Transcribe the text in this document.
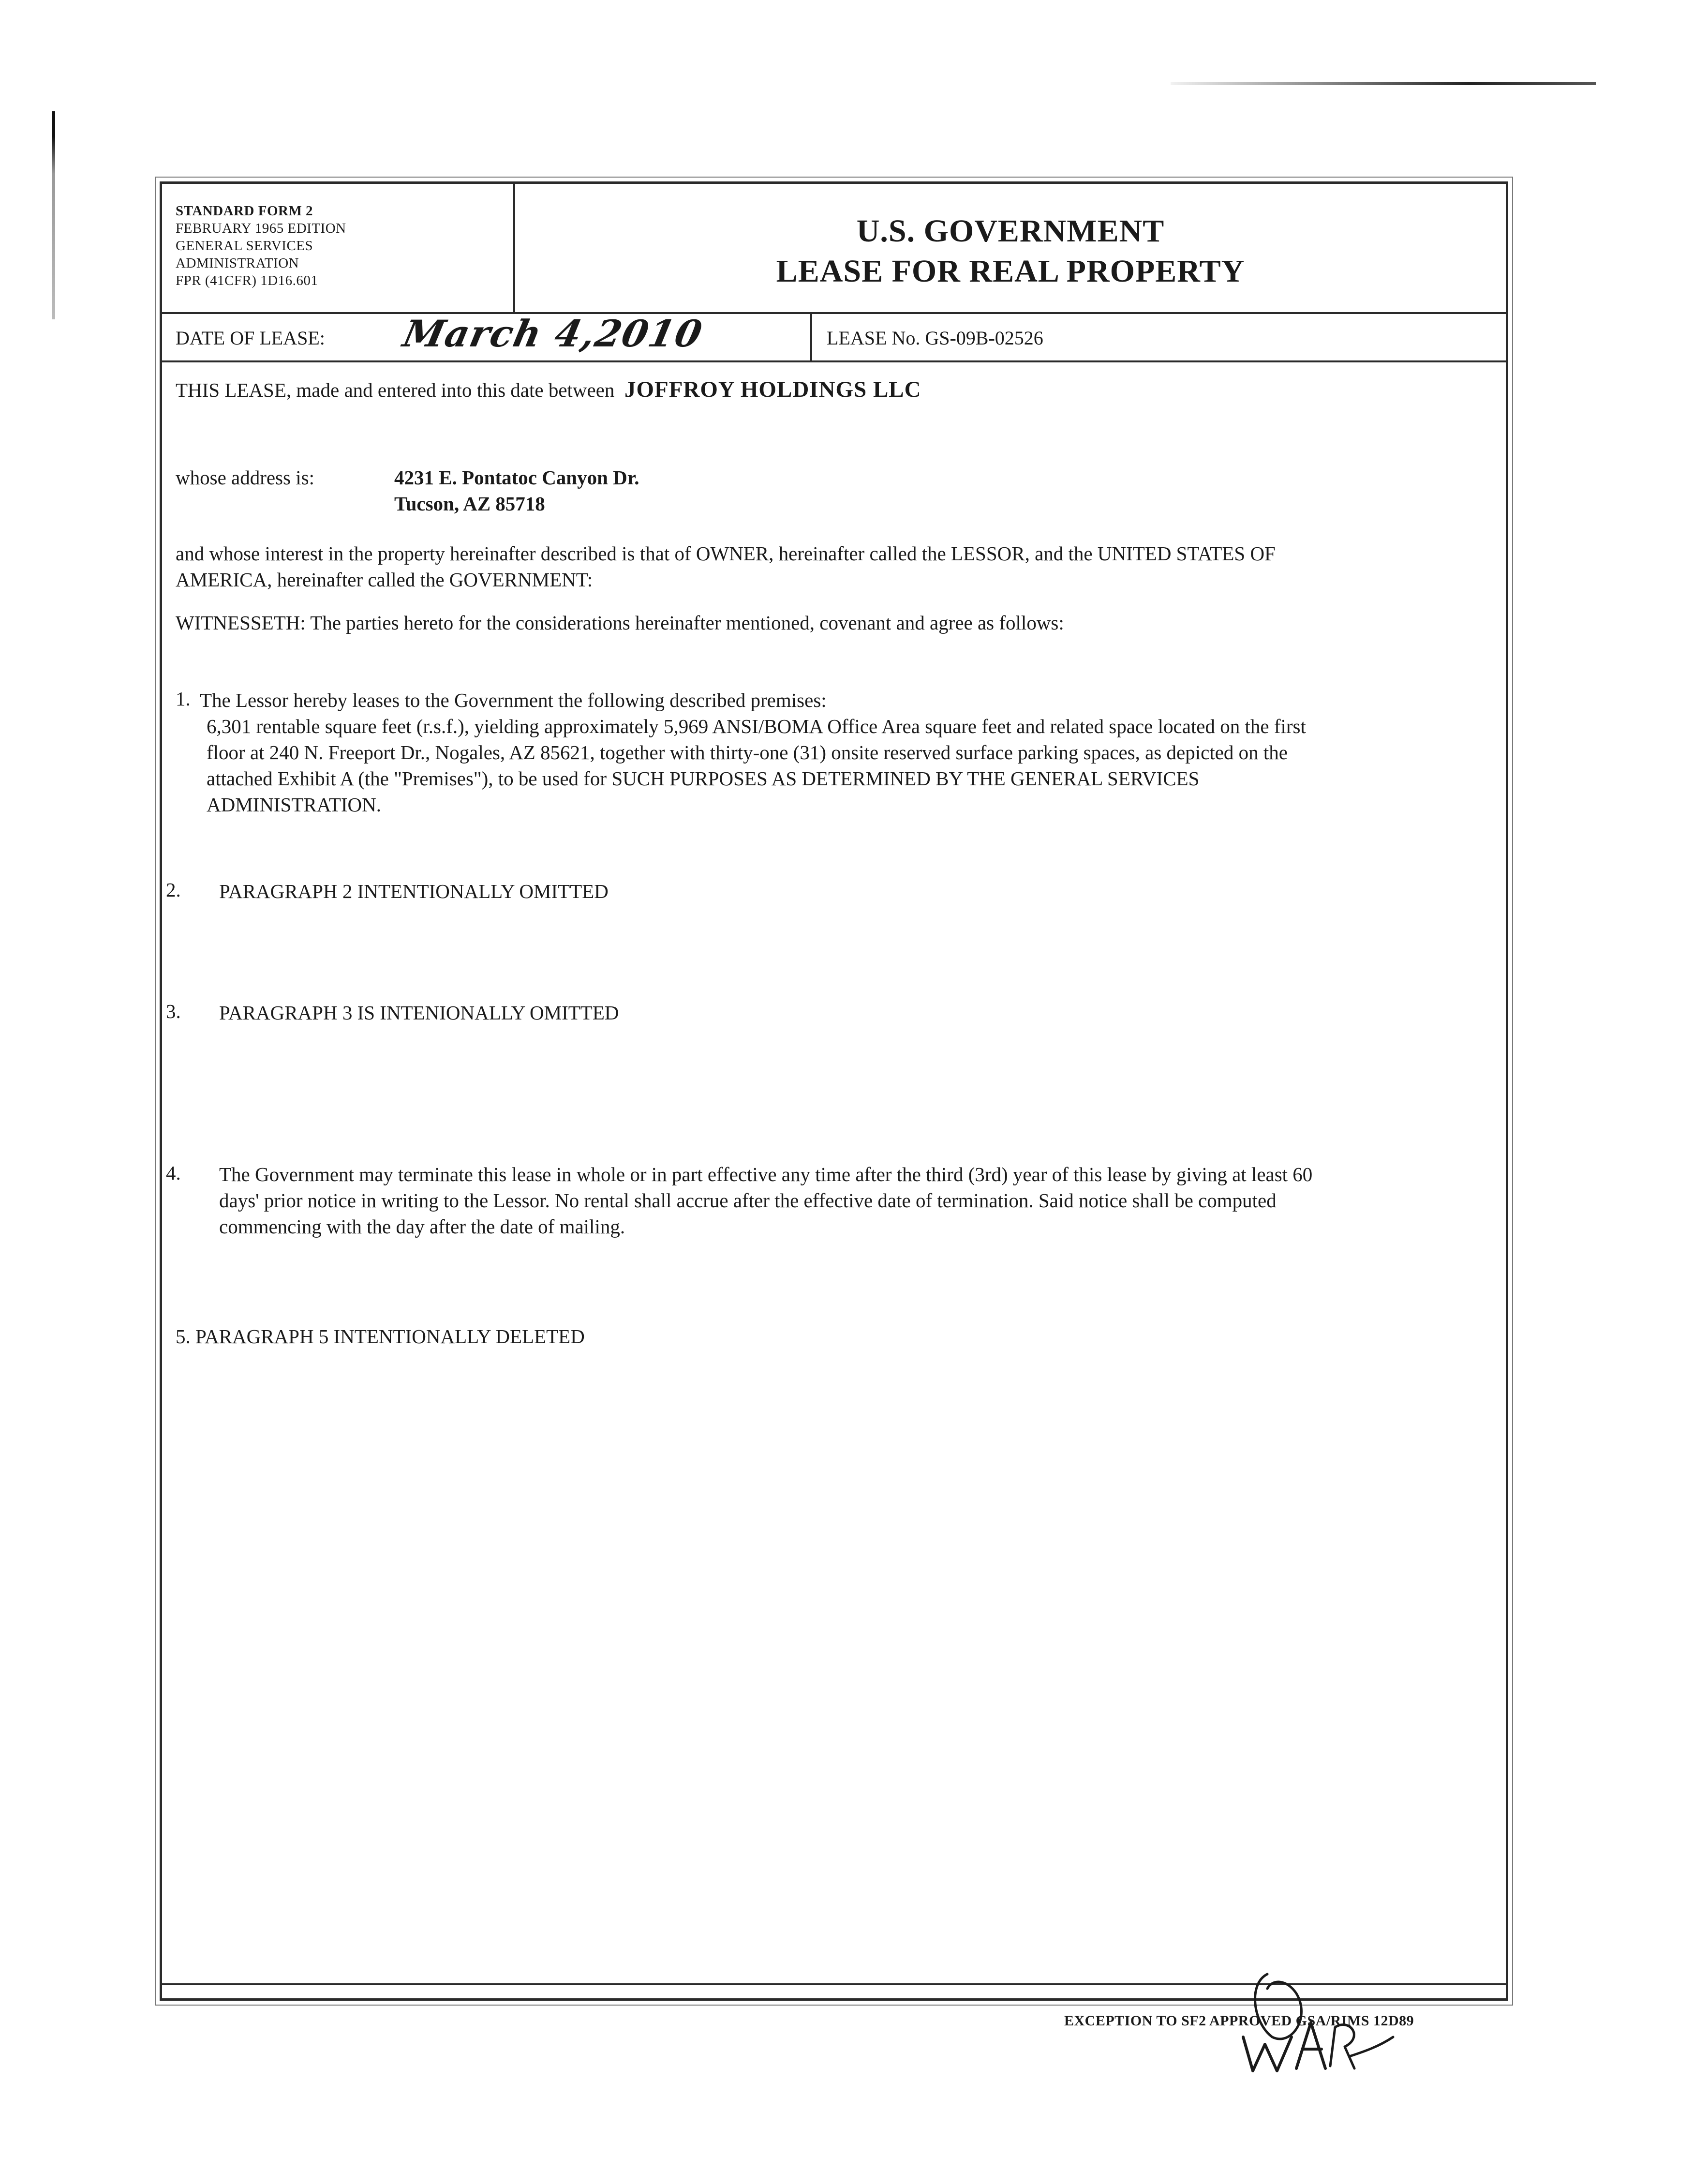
STANDARD FORM 2
FEBRUARY 1965 EDITION
GENERAL SERVICES
ADMINISTRATION
FPR (41CFR) 1D16.601
U.S. GOVERNMENT
LEASE FOR REAL PROPERTY
DATE OF LEASE: March 4,2010	LEASE No. GS-09B-02526
THIS LEASE, made and entered into this date between JOFFROY HOLDINGS LLC
whose address is:	4231 E. Pontatoc Canyon Dr.
Tucson, AZ 85718
and whose interest in the property hereinafter described is that of OWNER, hereinafter called the LESSOR, and the UNITED STATES OF
AMERICA, hereinafter called the GOVERNMENT:
WITNESSETH: The parties hereto for the considerations hereinafter mentioned, covenant and agree as follows:
1. The Lessor hereby leases to the Government the following described premises:
6,301 rentable square feet (r.s.f.), yielding approximately 5,969 ANSI/BOMA Office Area square feet and related space located on the first
floor at 240 N. Freeport Dr., Nogales, AZ 85621, together with thirty-one (31) onsite reserved surface parking spaces, as depicted on the
attached Exhibit A (the "Premises"), to be used for SUCH PURPOSES AS DETERMINED BY THE GENERAL SERVICES
ADMINISTRATION.
2. PARAGRAPH 2 INTENTIONALLY OMITTED
3. PARAGRAPH 3 IS INTENIONALLY OMITTED
4. The Government may terminate this lease in whole or in part effective any time after the third (3rd) year of this lease by giving at least 60
days' prior notice in writing to the Lessor. No rental shall accrue after the effective date of termination. Said notice shall be computed
commencing with the day after the date of mailing.
5. PARAGRAPH 5 INTENTIONALLY DELETED
EXCEPTION TO SF2 APPROVED GSA/RIMS 12D89
